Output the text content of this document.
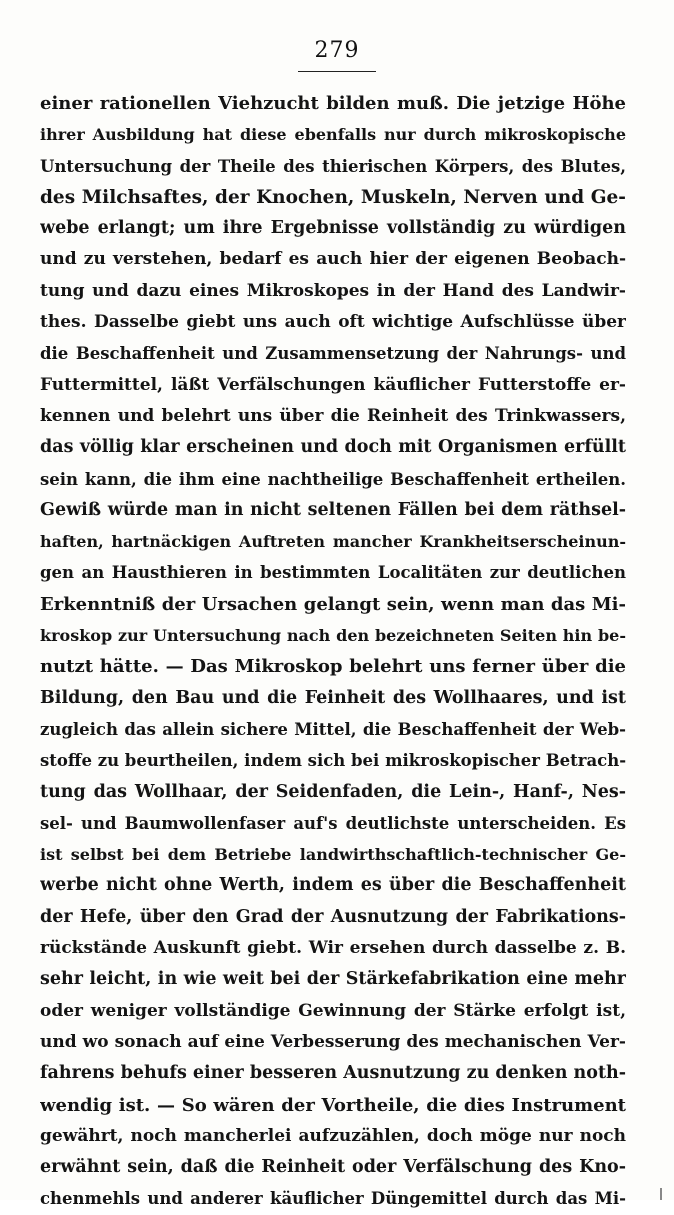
279
einer rationellen Viehzucht bilden muß. Die jetzige Höhe
ihrer Ausbildung hat diese ebenfalls nur durch mikroskopische
Untersuchung der Theile des thierischen Körpers, des Blutes,
des Milchsaftes, der Knochen, Muskeln, Nerven und Ge-
webe erlangt; um ihre Ergebnisse vollständig zu würdigen
und zu verstehen, bedarf es auch hier der eigenen Beobach-
tung und dazu eines Mikroskopes in der Hand des Landwir-
thes. Dasselbe giebt uns auch oft wichtige Aufschlüsse über
die Beschaffenheit und Zusammensetzung der Nahrungs- und
Futtermittel, läßt Verfälschungen käuflicher Futterstoffe er-
kennen und belehrt uns über die Reinheit des Trinkwassers,
das völlig klar erscheinen und doch mit Organismen erfüllt
sein kann, die ihm eine nachtheilige Beschaffenheit ertheilen.
Gewiß würde man in nicht seltenen Fällen bei dem räthsel-
haften, hartnäckigen Auftreten mancher Krankheitserscheinun-
gen an Hausthieren in bestimmten Localitäten zur deutlichen
Erkenntniß der Ursachen gelangt sein, wenn man das Mi-
kroskop zur Untersuchung nach den bezeichneten Seiten hin be-
nutzt hätte. — Das Mikroskop belehrt uns ferner über die
Bildung, den Bau und die Feinheit des Wollhaares, und ist
zugleich das allein sichere Mittel, die Beschaffenheit der Web-
stoffe zu beurtheilen, indem sich bei mikroskopischer Betrach-
tung das Wollhaar, der Seidenfaden, die Lein-, Hanf-, Nes-
sel- und Baumwollenfaser auf's deutlichste unterscheiden. Es
ist selbst bei dem Betriebe landwirthschaftlich-technischer Ge-
werbe nicht ohne Werth, indem es über die Beschaffenheit
der Hefe, über den Grad der Ausnutzung der Fabrikations-
rückstände Auskunft giebt. Wir ersehen durch dasselbe z. B.
sehr leicht, in wie weit bei der Stärkefabrikation eine mehr
oder weniger vollständige Gewinnung der Stärke erfolgt ist,
und wo sonach auf eine Verbesserung des mechanischen Ver-
fahrens behufs einer besseren Ausnutzung zu denken noth-
wendig ist. — So wären der Vortheile, die dies Instrument
gewährt, noch mancherlei aufzuzählen, doch möge nur noch
erwähnt sein, daß die Reinheit oder Verfälschung des Kno-
chenmehls und anderer käuflicher Düngemittel durch das Mi-
